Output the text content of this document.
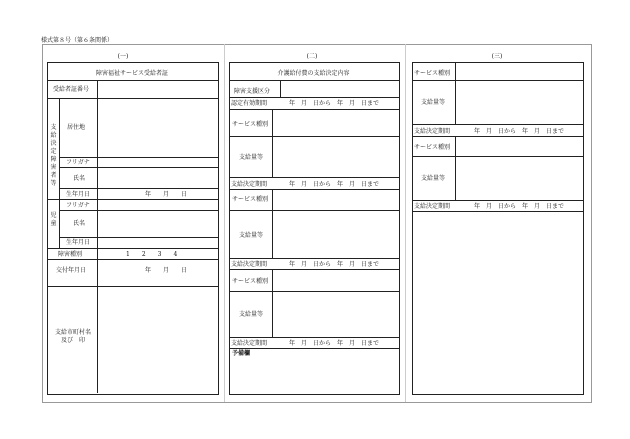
様式第８号（第６条関係）
(一)	(二)	(三)
障害福祉サービス受給者証
受給者証番号
支給決定障害者等
居住地
フリガナ
氏名
生年月日	年　　月　　日
児童
フリガナ
氏名
生年月日
障害種別	1　　2　　3　　4
交付年月日	年　　月　　日
支給市町村名
及び　印
介護給付費の支給決定内容
障害支援区分
認定有効期間	年　月　日から　年　月　日まで
サービス種別
支給量等
支給決定期間	年　月　日から　年　月　日まで
サービス種別
支給量等
支給決定期間	年　月　日から　年　月　日まで
サービス種別
支給量等
支給決定期間	年　月　日から　年　月　日まで
予備欄
サービス種別
支給量等
支給決定期間	年　月　日から　年　月　日まで
サービス種別
支給量等
支給決定期間	年　月　日から　年　月　日まで
